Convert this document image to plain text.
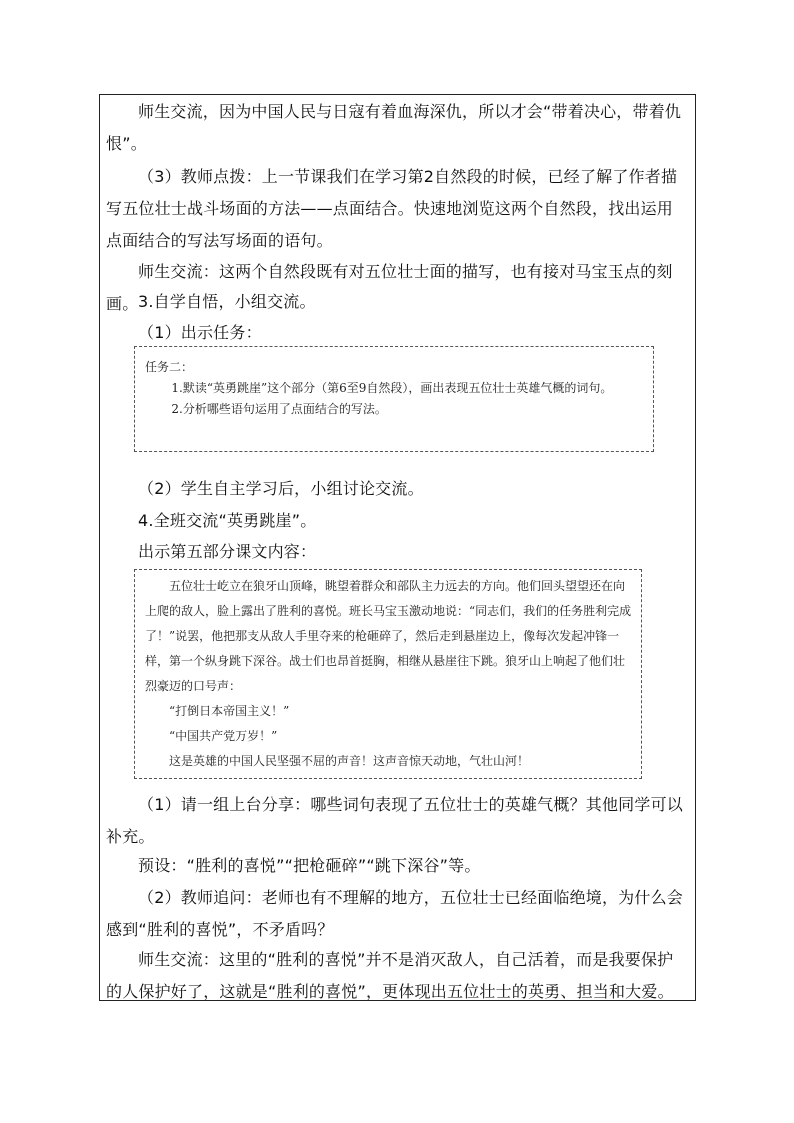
师生交流，因为中国人民与日寇有着血海深仇，所以才会“带着决心，带着仇恨”。

（3）教师点拨：上一节课我们在学习第2自然段的时候，已经了解了作者描写五位壮士战斗场面的方法——点面结合。快速地浏览这两个自然段，找出运用点面结合的写法写场面的语句。

师生交流：这两个自然段既有对五位壮士面的描写，也有接对马宝玉点的刻画。 3.自学自悟，小组交流。

（1）出示任务：

任务二：

1.默读“英勇跳崖”这个部分（第6至9自然段），画出表现五位壮士英雄气概的词句。

2.分析哪些语句运用了点面结合的写法。

（2）学生自主学习后，小组讨论交流。

4.全班交流“英勇跳崖”。

出示第五部分课文内容：

五位壮士屹立在狼牙山顶峰，眺望着群众和部队主力远去的方向。他们回头望望还在向上爬的敌人，脸上露出了胜利的喜悦。班长马宝玉激动地说：“同志们，我们的任务胜利完成了！”说罢，他把那支从敌人手里夺来的枪砸碎了，然后走到悬崖边上，像每次发起冲锋一样，第一个纵身跳下深谷。战士们也昂首挺胸，相继从悬崖往下跳。狼牙山上响起了他们壮烈豪迈的口号声：

“打倒日本帝国主义！”

“中国共产党万岁！”

这是英雄的中国人民坚强不屈的声音！这声音惊天动地，气壮山河！

（1）请一组上台分享：哪些词句表现了五位壮士的英雄气概？其他同学可以补充。

预设：“胜利的喜悦”“把枪砸碎”“跳下深谷”等。

（2）教师追问：老师也有不理解的地方，五位壮士已经面临绝境，为什么会感到“胜利的喜悦”，不矛盾吗？

师生交流：这里的“胜利的喜悦”并不是消灭敌人，自己活着，而是我要保护的人保护好了，这就是“胜利的喜悦”，更体现出五位壮士的英勇、担当和大爱。
